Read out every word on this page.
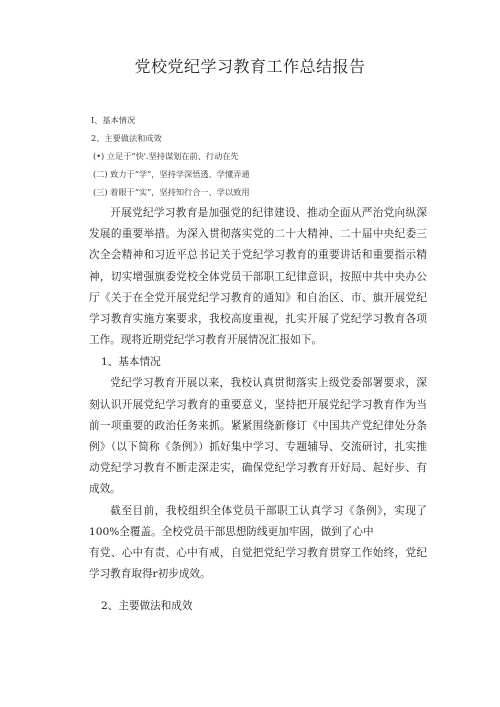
党校党纪学习教育工作总结报告
I、基本情况
2、主要做法和成效
(•) 立足于“快'.坚持谋划在前、行动在先
(二) 致力于“学”，坚持学深悟透、学懂弄通
(三) 着眼于“实”，坚持知行合一、学以致用

开展党纪学习教育是加强党的纪律建设、推动全面从严治党向纵深发展的重要举措。为深入贯彻落实党的二十大精神、二十届中央纪委三次全会精神和习近平总书记关于党纪学习教育的重要讲话和重要指示精神，切实增强旗委党校全体党员干部职工纪律意识，按照中共中央办公厅《关于在全党开展党纪学习教育的通知》和自治区、市、旗开展党纪学习教育实施方案要求，我校高度重视，扎实开展了党纪学习教育各项工作。现将近期党纪学习教育开展情况汇报如下。

1、基本情况

党纪学习教育开展以来，我校认真贯彻落实上级党委部署要求，深刻认识开展党纪学习教育的重要意义，坚持把开展党纪学习教育作为当前一项重要的政治任务来抓。紧紧围绕新修订《中国共产党纪律处分条例》（以下简称《条例》）抓好集中学习、专题辅导、交流研讨，扎实推动党纪学习教育不断走深走实，确保党纪学习教育开好局、起好步、有成效。

截至目前，我校组织全体党员干部职工认真学习《条例》，实现了100%全覆盖。全校党员干部思想防线更加牢固，做到了心中

有党、心中有责、心中有戒，自觉把党纪学习教育贯穿工作始终，党纪学习教育取得r初步成效。

2、主要做法和成效
